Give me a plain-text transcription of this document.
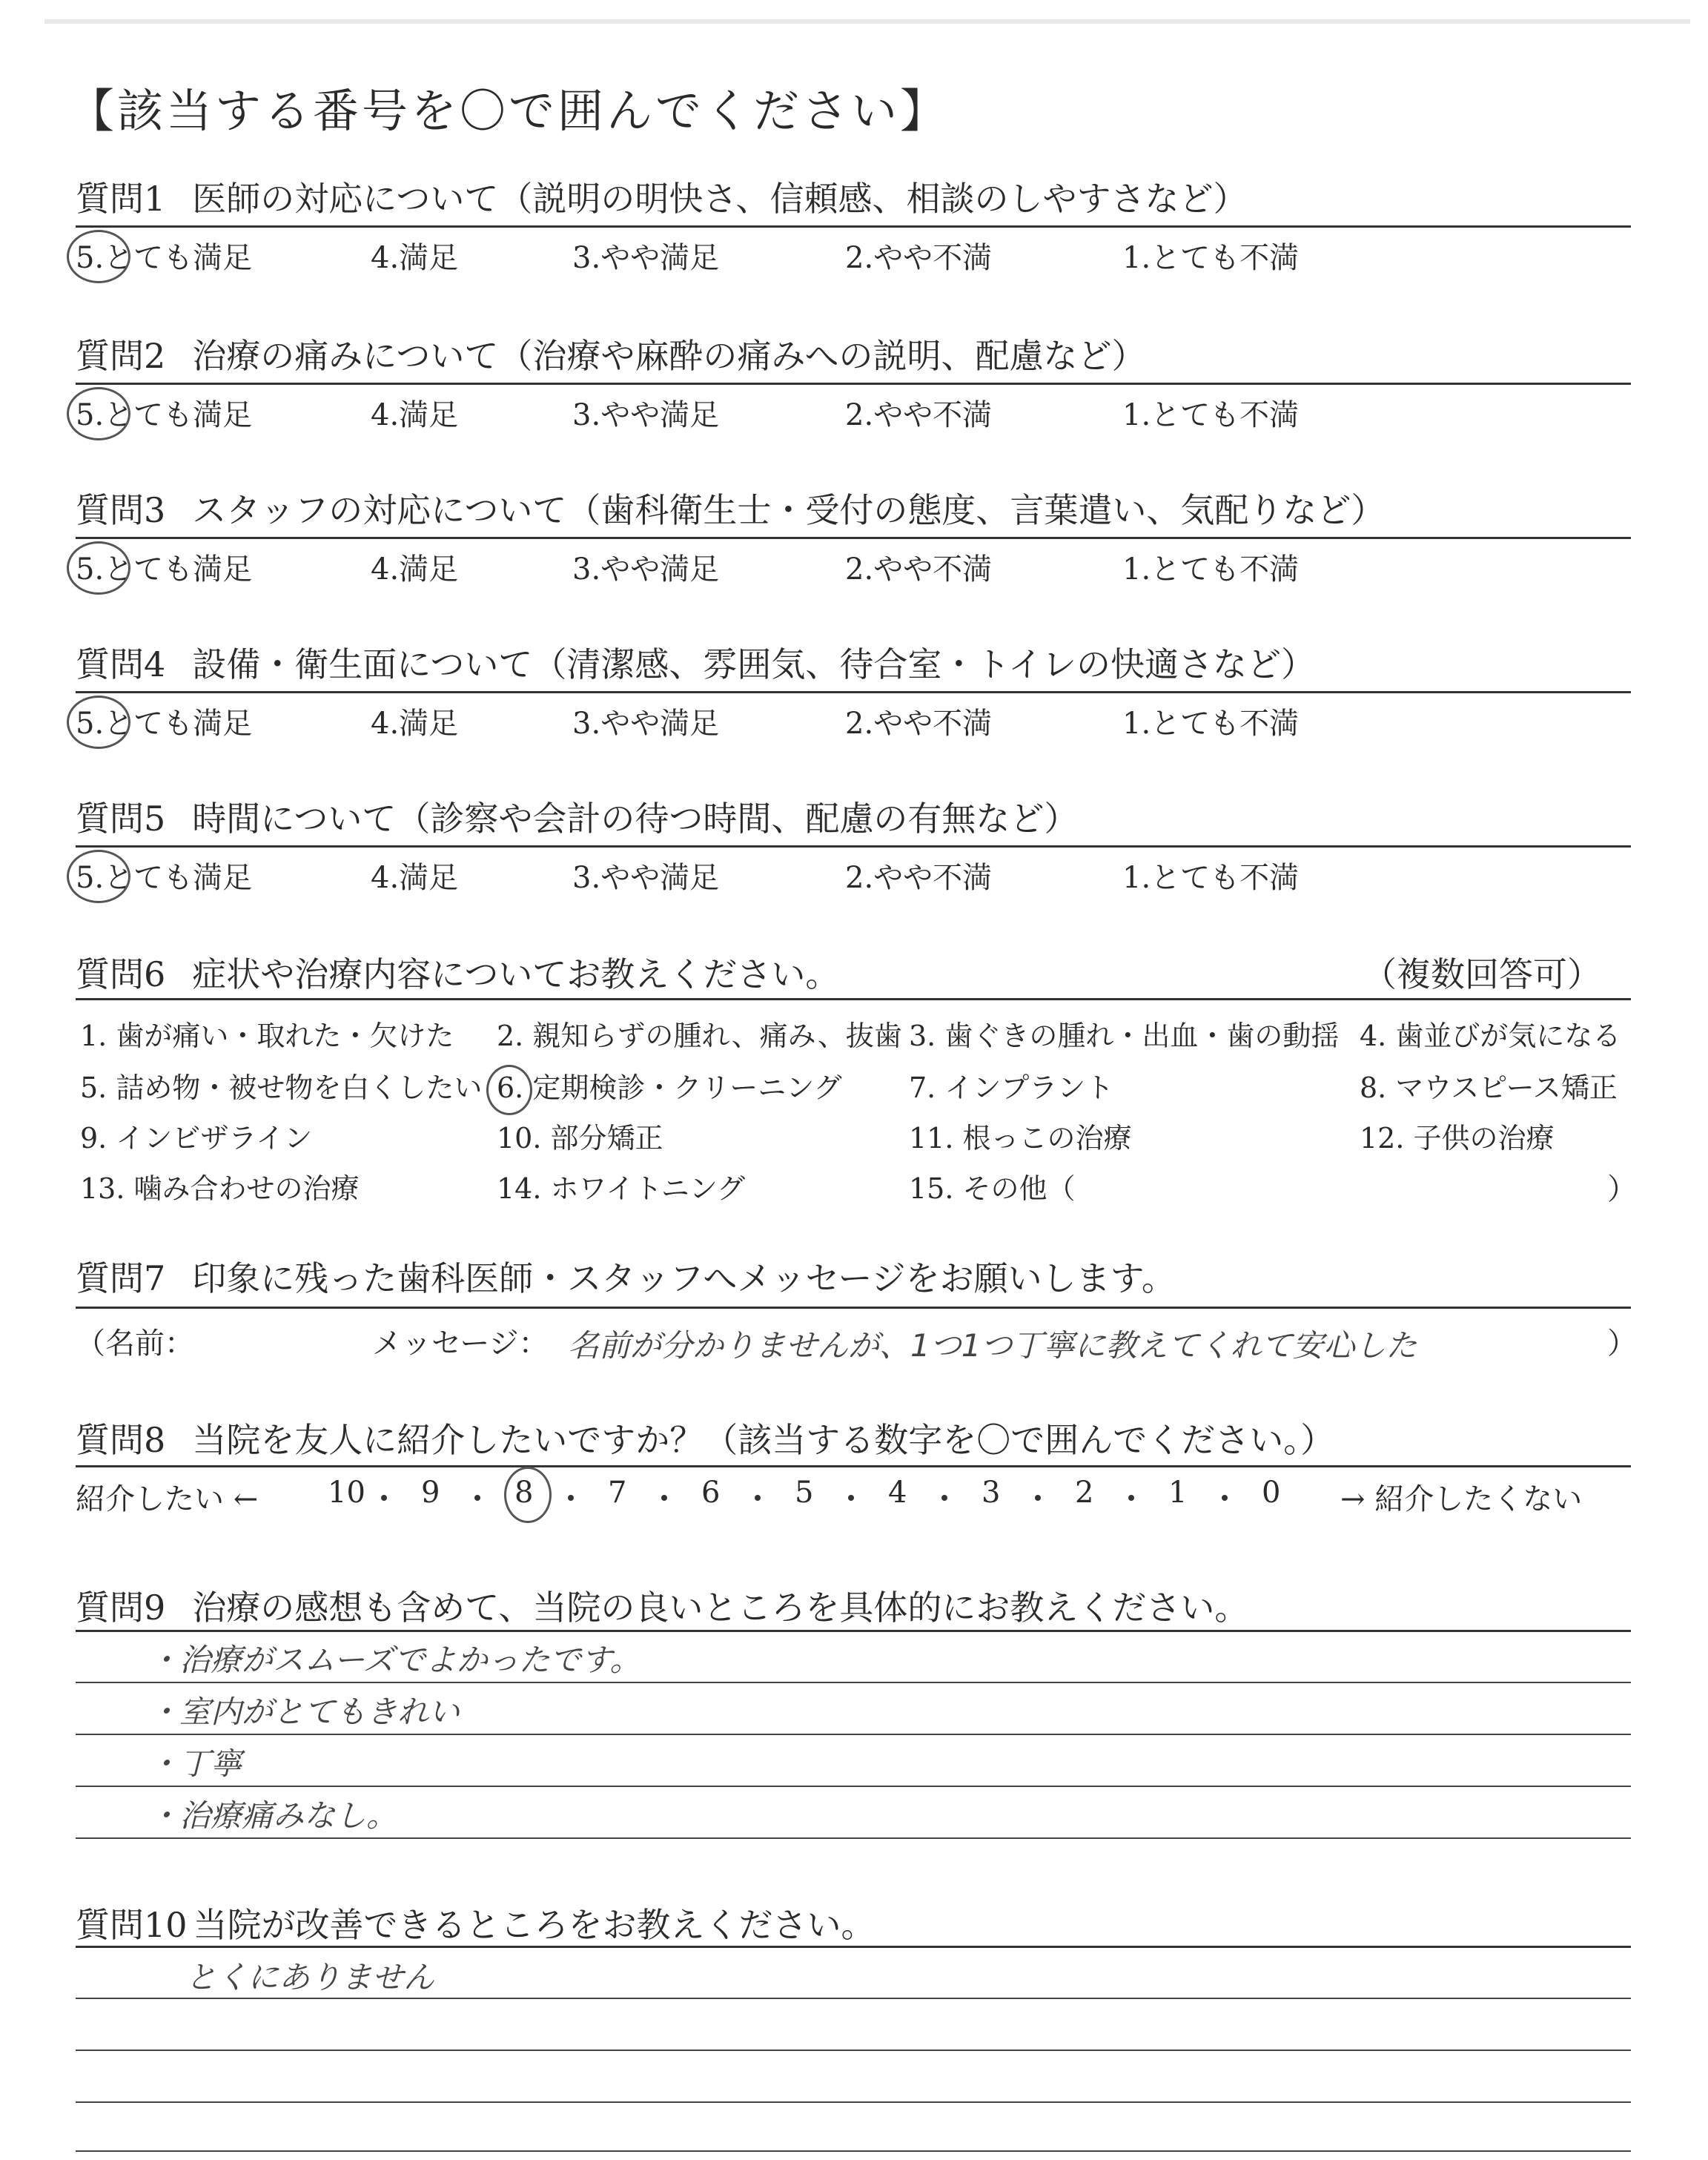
【該当する番号を〇で囲んでください】
質問1 医師の対応について（説明の明快さ、信頼感、相談のしやすさなど）
5.とても満足	4.満足	3.やや満足	2.やや不満	1.とても不満
質問2 治療の痛みについて（治療や麻酔の痛みへの説明、配慮など）
5.とても満足	4.満足	3.やや満足	2.やや不満	1.とても不満
質問3 スタッフの対応について（歯科衛生士・受付の態度、言葉遣い、気配りなど）
5.とても満足	4.満足	3.やや満足	2.やや不満	1.とても不満
質問4 設備・衛生面について（清潔感、雰囲気、待合室・トイレの快適さなど）
5.とても満足	4.満足	3.やや満足	2.やや不満	1.とても不満
質問5 時間について（診察や会計の待つ時間、配慮の有無など）
5.とても満足	4.満足	3.やや満足	2.やや不満	1.とても不満
質問6 症状や治療内容についてお教えください。	（複数回答可）
1. 歯が痛い・取れた・欠けた 2. 親知らずの腫れ、痛み、抜歯 3. 歯ぐきの腫れ・出血・歯の動揺 4. 歯並びが気になる
5. 詰め物・被せ物を白くしたい 6. 定期検診・クリーニング 7. インプラント	8. マウスピース矯正
9. インビザライン	10. 部分矯正	11. 根っこの治療	12. 子供の治療
13. 噛み合わせの治療	14. ホワイトニング	15. その他（	）
質問7 印象に残った歯科医師・スタッフへメッセージをお願いします。
（名前：	メッセージ： 名前が分かりませんが、1つ1つ丁寧に教えてくれて安心した	）
質問8 当院を友人に紹介したいですか？（該当する数字を〇で囲んでください。）
紹介したい ← 10 9	8	7	6	5	4	3	2	1	0 → 紹介したくない
質問9 治療の感想も含めて、当院の良いところを具体的にお教えください。
・治療がスムーズでよかったです。
・室内がとてもきれい
・丁寧
・治療痛みなし。
質問10 当院が改善できるところをお教えください。
とくにありません
